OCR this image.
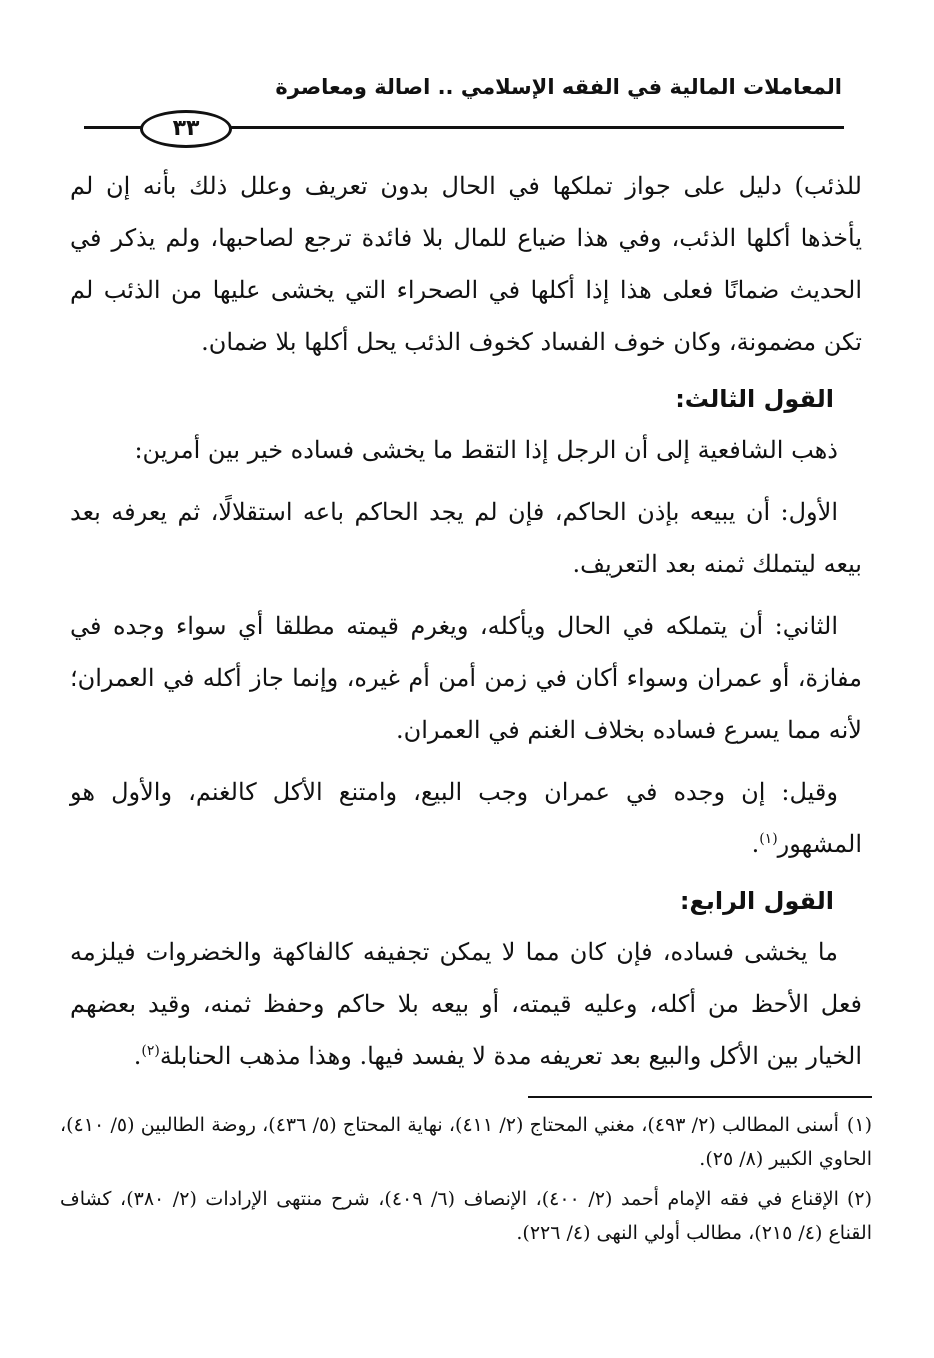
المعاملات المالية في الفقه الإسلامي .. اصالة ومعاصرة
٣٣

للذئب) دليل على جواز تملكها في الحال بدون تعريف وعلل ذلك بأنه إن لم يأخذها أكلها الذئب، وفي هذا ضياع للمال بلا فائدة ترجع لصاحبها، ولم يذكر في الحديث ضمانًا فعلى هذا إذا أكلها في الصحراء التي يخشى عليها من الذئب لم تكن مضمونة، وكان خوف الفساد كخوف الذئب يحل أكلها بلا ضمان.

القول الثالث:

ذهب الشافعية إلى أن الرجل إذا التقط ما يخشى فساده خير بين أمرين:

الأول: أن يبيعه بإذن الحاكم، فإن لم يجد الحاكم باعه استقلالًا، ثم يعرفه بعد بيعه ليتملك ثمنه بعد التعريف.

الثاني: أن يتملكه في الحال ويأكله، ويغرم قيمته مطلقا أي سواء وجده في مفازة، أو عمران وسواء أكان في زمن أمن أم غيره، وإنما جاز أكله في العمران؛ لأنه مما يسرع فساده بخلاف الغنم في العمران.

وقيل: إن وجده في عمران وجب البيع، وامتنع الأكل كالغنم، والأول هو المشهور$^{(١)}$.

القول الرابع:

ما يخشى فساده، فإن كان مما لا يمكن تجفيفه كالفاكهة والخضروات فيلزمه فعل الأحظ من أكله، وعليه قيمته، أو بيعه بلا حاكم وحفظ ثمنه، وقيد بعضهم الخيار بين الأكل والبيع بعد تعريفه مدة لا يفسد فيها. وهذا مذهب الحنابلة$^{(٢)}$.

(١)أسنى المطالب (٢/ ٤٩٣)، مغني المحتاج (٢/ ٤١١)، نهاية المحتاج (٥/ ٤٣٦)، روضة الطالبين (٥/ ٤١٠)، الحاوي الكبير (٨/ ٢٥).

(٢)الإقناع في فقه الإمام أحمد (٢/ ٤٠٠)، الإنصاف (٦/ ٤٠٩)، شرح منتهى الإرادات (٢/ ٣٨٠)، كشاف القناع (٤/ ٢١٥)، مطالب أولي النهى (٤/ ٢٢٦).
